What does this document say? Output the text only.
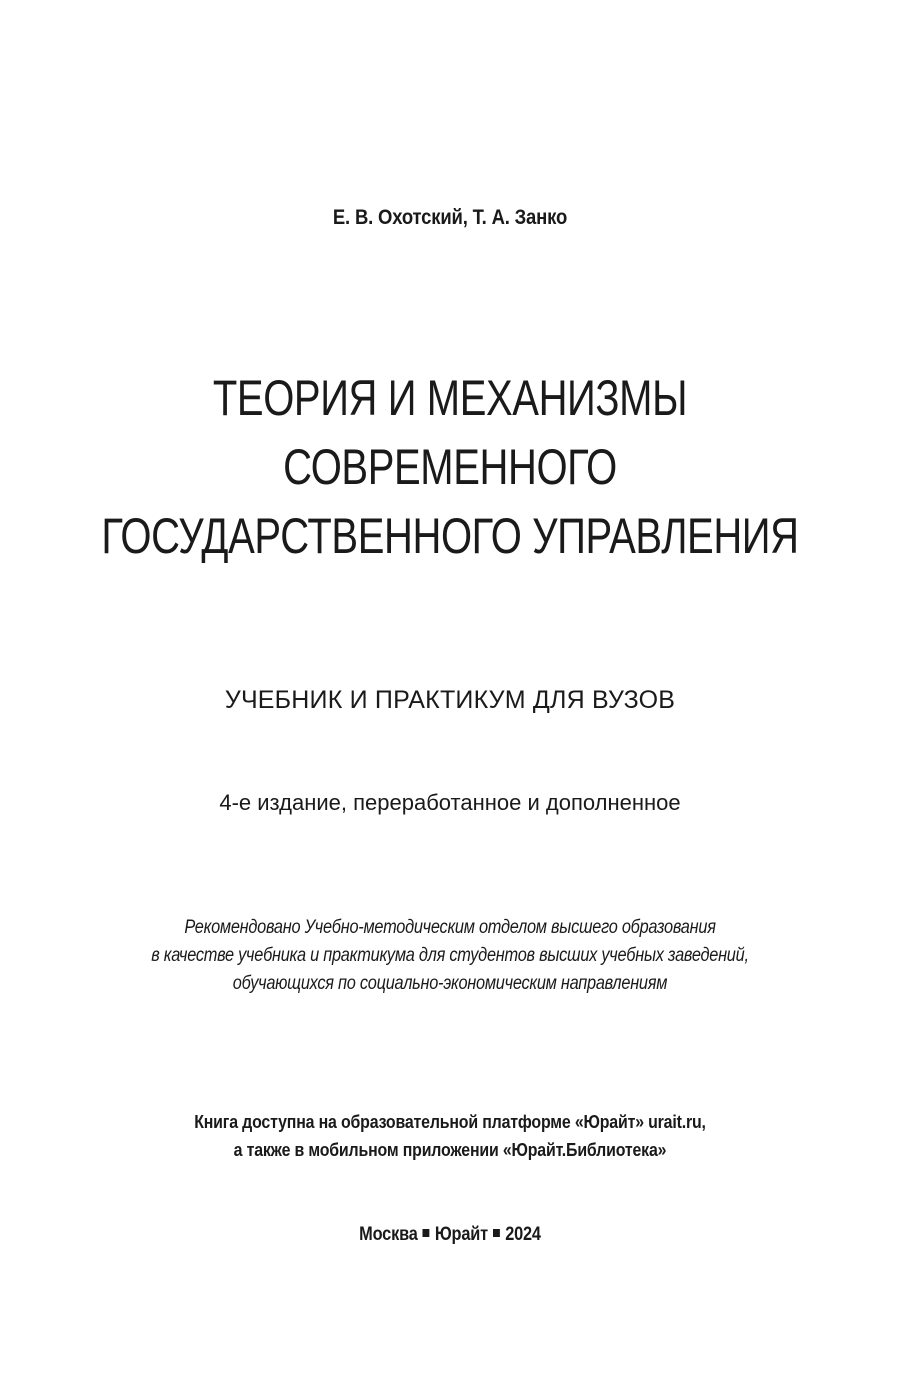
Е. В. Охотский, Т. А. Занко
ТЕОРИЯ И МЕХАНИЗМЫ
СОВРЕМЕННОГО
ГОСУДАРСТВЕННОГО УПРАВЛЕНИЯ
УЧЕБНИК И ПРАКТИКУМ ДЛЯ ВУЗОВ
4-е издание, переработанное и дополненное
Рекомендовано Учебно-методическим отделом высшего образования
в качестве учебника и практикума для студентов высших учебных заведений,
обучающихся по социально-экономическим направлениям
Книга доступна на образовательной платформе «Юрайт» urait.ru,
а также в мобильном приложении «Юрайт.Библиотека»
Москва Юрайт 2024
